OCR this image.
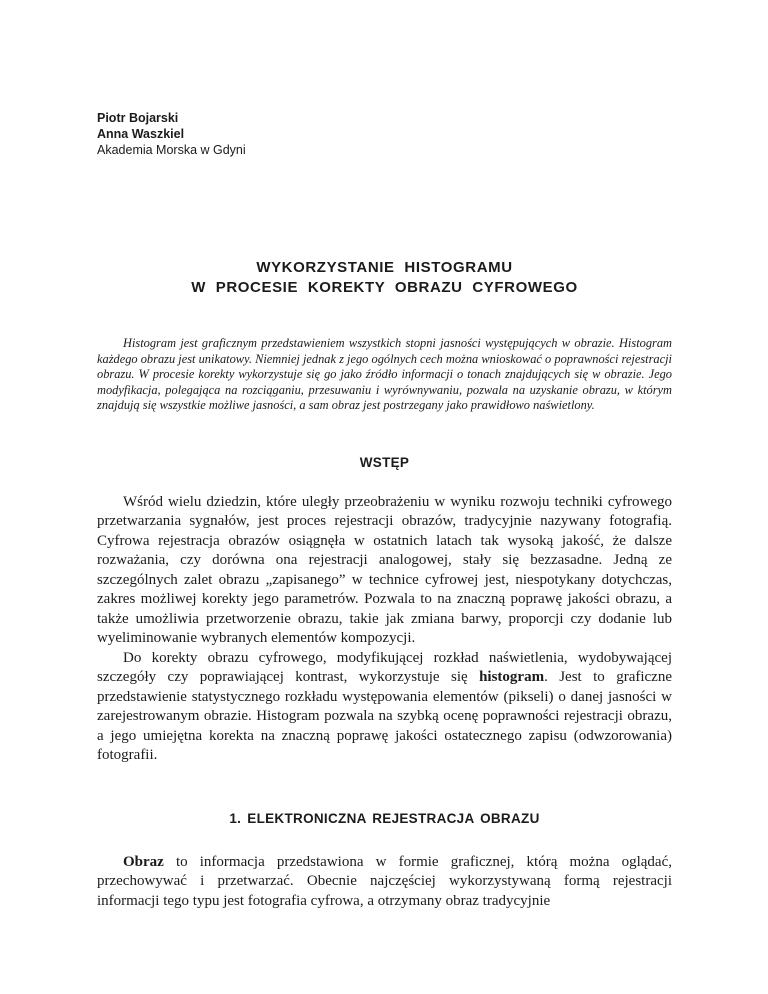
Piotr Bojarski
Anna Waszkiel
Akademia Morska w Gdyni
WYKORZYSTANIE HISTOGRAMU
W PROCESIE KOREKTY OBRAZU CYFROWEGO

Histogram jest graficznym przedstawieniem wszystkich stopni jasności występujących w obrazie. Histogram każdego obrazu jest unikatowy. Niemniej jednak z jego ogólnych cech można wnioskować o poprawności rejestracji obrazu. W procesie korekty wykorzystuje się go jako źródło informacji o tonach znajdujących się w obrazie. Jego modyfikacja, polegająca na rozciąganiu, przesuwaniu i wyrównywaniu, pozwala na uzyskanie obrazu, w którym znajdują się wszystkie możliwe jasności, a sam obraz jest postrzegany jako prawidłowo naświetlony.

WSTĘP

Wśród wielu dziedzin, które uległy przeobrażeniu w wyniku rozwoju techniki cyfrowego przetwarzania sygnałów, jest proces rejestracji obrazów, tradycyjnie nazywany fotografią. Cyfrowa rejestracja obrazów osiągnęła w ostatnich latach tak wysoką jakość, że dalsze rozważania, czy dorówna ona rejestracji analogowej, stały się bezzasadne. Jedną ze szczególnych zalet obrazu „zapisanego” w technice cyfrowej jest, niespotykany dotychczas, zakres możliwej korekty jego parametrów. Pozwala to na znaczną poprawę jakości obrazu, a także umożliwia przetworzenie obrazu, takie jak zmiana barwy, proporcji czy dodanie lub wyeliminowanie wybranych elementów kompozycji.

Do korekty obrazu cyfrowego, modyfikującej rozkład naświetlenia, wydobywającej szczegóły czy poprawiającej kontrast, wykorzystuje się histogram. Jest to graficzne przedstawienie statystycznego rozkładu występowania elementów (pikseli) o danej jasności w zarejestrowanym obrazie. Histogram pozwala na szybką ocenę poprawności rejestracji obrazu, a jego umiejętna korekta na znaczną poprawę jakości ostatecznego zapisu (odwzorowania) fotografii.

1. ELEKTRONICZNA REJESTRACJA OBRAZU

Obraz to informacja przedstawiona w formie graficznej, którą można oglądać, przechowywać i przetwarzać. Obecnie najczęściej wykorzystywaną formą rejestracji informacji tego typu jest fotografia cyfrowa, a otrzymany obraz tradycyjnie
